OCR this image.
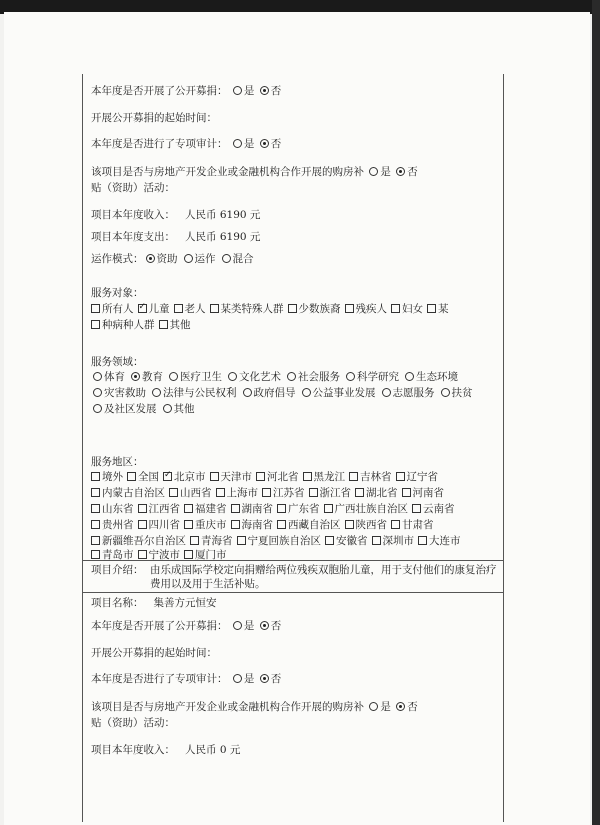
本年度是否开展了公开募捐： 是 否
开展公开募捐的起始时间：
本年度是否进行了专项审计： 是 否
该项目是否与房地产开发企业或金融机构合作开展的购房补 是 否
贴（资助）活动：
项目本年度收入： 人民币 6190 元
项目本年度支出： 人民币 6190 元
运作模式： 资助 运作 混合
服务对象：
所有人 ✓ 儿童 老人 某类特殊人群 少数族裔 残疾人 妇女 某
种病种人群 其他
服务领域：
体育 教育 医疗卫生 文化艺术 社会服务 科学研究 生态环境
灾害救助 法律与公民权利 政府倡导 公益事业发展 志愿服务 扶贫
及社区发展 其他
服务地区：
境外 全国 ✓ 北京市 天津市 河北省 黑龙江 吉林省 辽宁省
内蒙古自治区 山西省 上海市 江苏省 浙江省 湖北省 河南省
山东省 江西省 福建省 湖南省 广东省 广西壮族自治区 云南省
贵州省 四川省 重庆市 海南省 西藏自治区 陕西省 甘肃省
新疆维吾尔自治区 青海省 宁夏回族自治区 安徽省 深圳市 大连市
青岛市 宁波市 厦门市
项目介绍： 由乐成国际学校定向捐赠给两位残疾双胞胎儿童，用于支付他们的康复治疗
费用以及用于生活补贴。
项目名称： 集善方元恒安
本年度是否开展了公开募捐： 是 否
开展公开募捐的起始时间：
本年度是否进行了专项审计： 是 否
该项目是否与房地产开发企业或金融机构合作开展的购房补 是 否
贴（资助）活动：
项目本年度收入： 人民币 0 元
